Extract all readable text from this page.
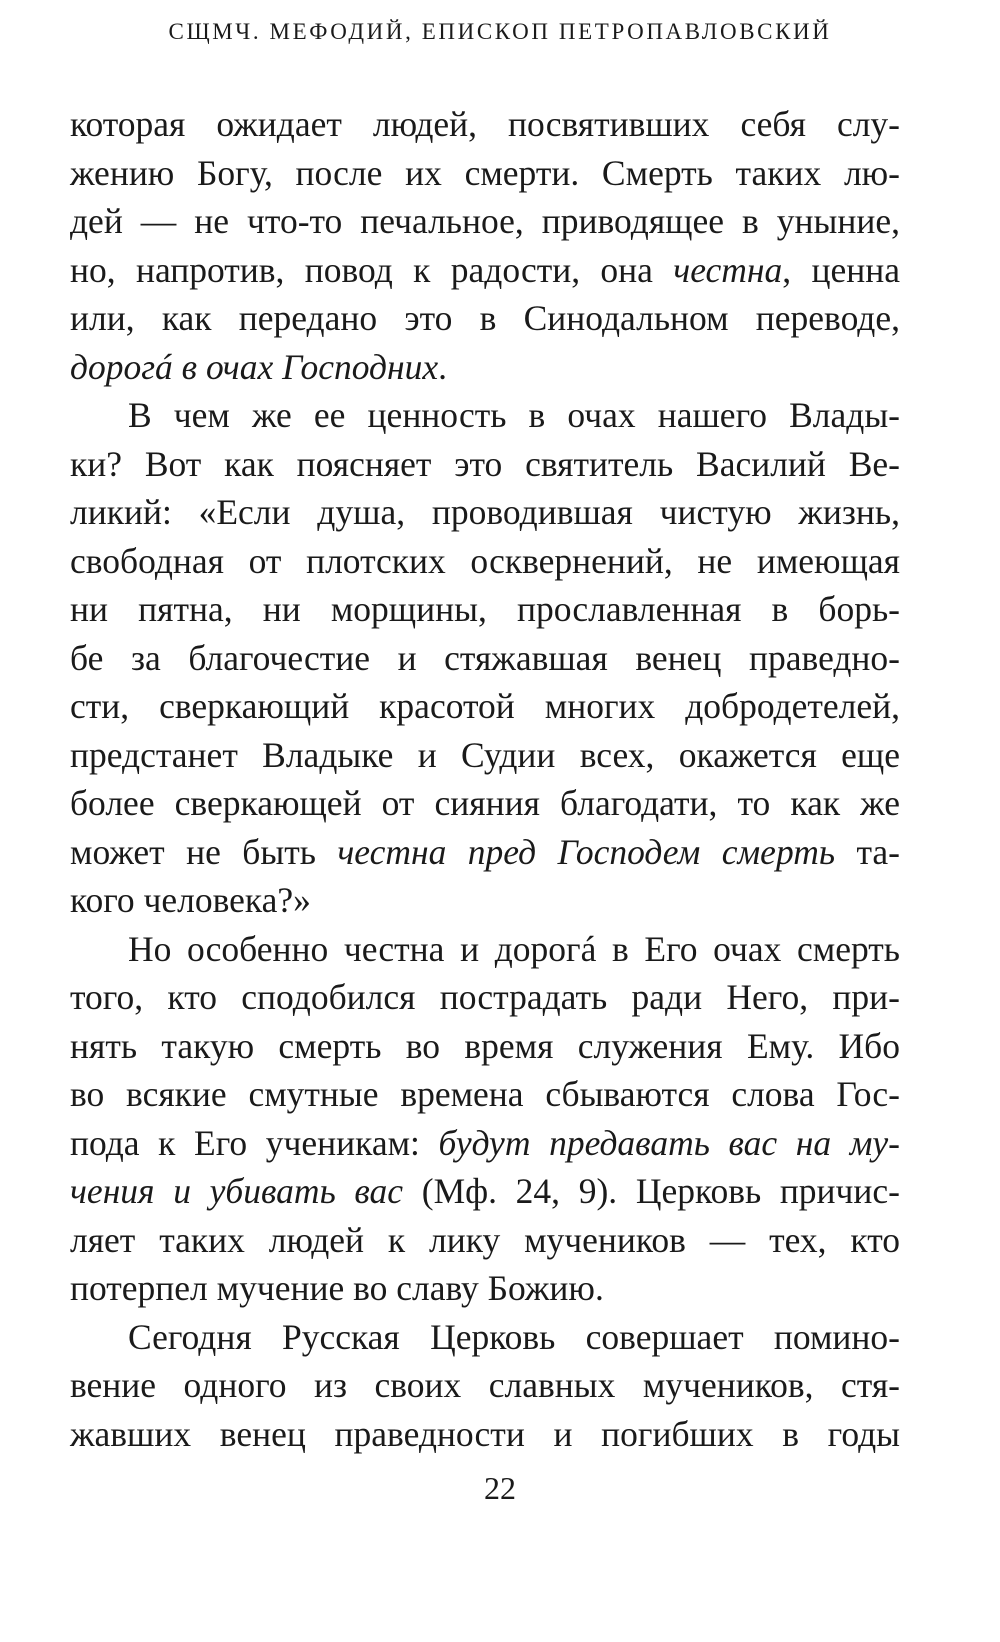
СЩМЧ. МЕФОДИЙ, ЕПИСКОП ПЕТРОПАВЛОВСКИЙ
которая ожидает людей, посвятивших себя слу-
жению Богу, после их смерти. Смерть таких лю-
дей — не что-то печальное, приводящее в уныние,
но, напротив, повод к радости, она честна, ценна
или, как передано это в Синодальном переводе,
дорогá в очах Господних.
В чем же ее ценность в очах нашего Влады-
ки? Вот как поясняет это святитель Василий Ве-
ликий: «Если душа, проводившая чистую жизнь,
свободная от плотских осквернений, не имеющая
ни пятна, ни морщины, прославленная в борь-
бе за благочестие и стяжавшая венец праведно-
сти, сверкающий красотой многих добродетелей,
предстанет Владыке и Судии всех, окажется еще
более сверкающей от сияния благодати, то как же
может не быть честна пред Господем смерть та-
кого человека?»
Но особенно честна и дорогá в Его очах смерть
того, кто сподобился пострадать ради Него, при-
нять такую смерть во время служения Ему. Ибо
во всякие смутные времена сбываются слова Гос-
пода к Его ученикам: будут предавать вас на му-
чения и убивать вас (Мф. 24, 9). Церковь причис-
ляет таких людей к лику мучеников — тех, кто
потерпел мучение во славу Божию.
Сегодня Русская Церковь совершает помино-
вение одного из своих славных мучеников, стя-
жавших венец праведности и погибших в годы
22
